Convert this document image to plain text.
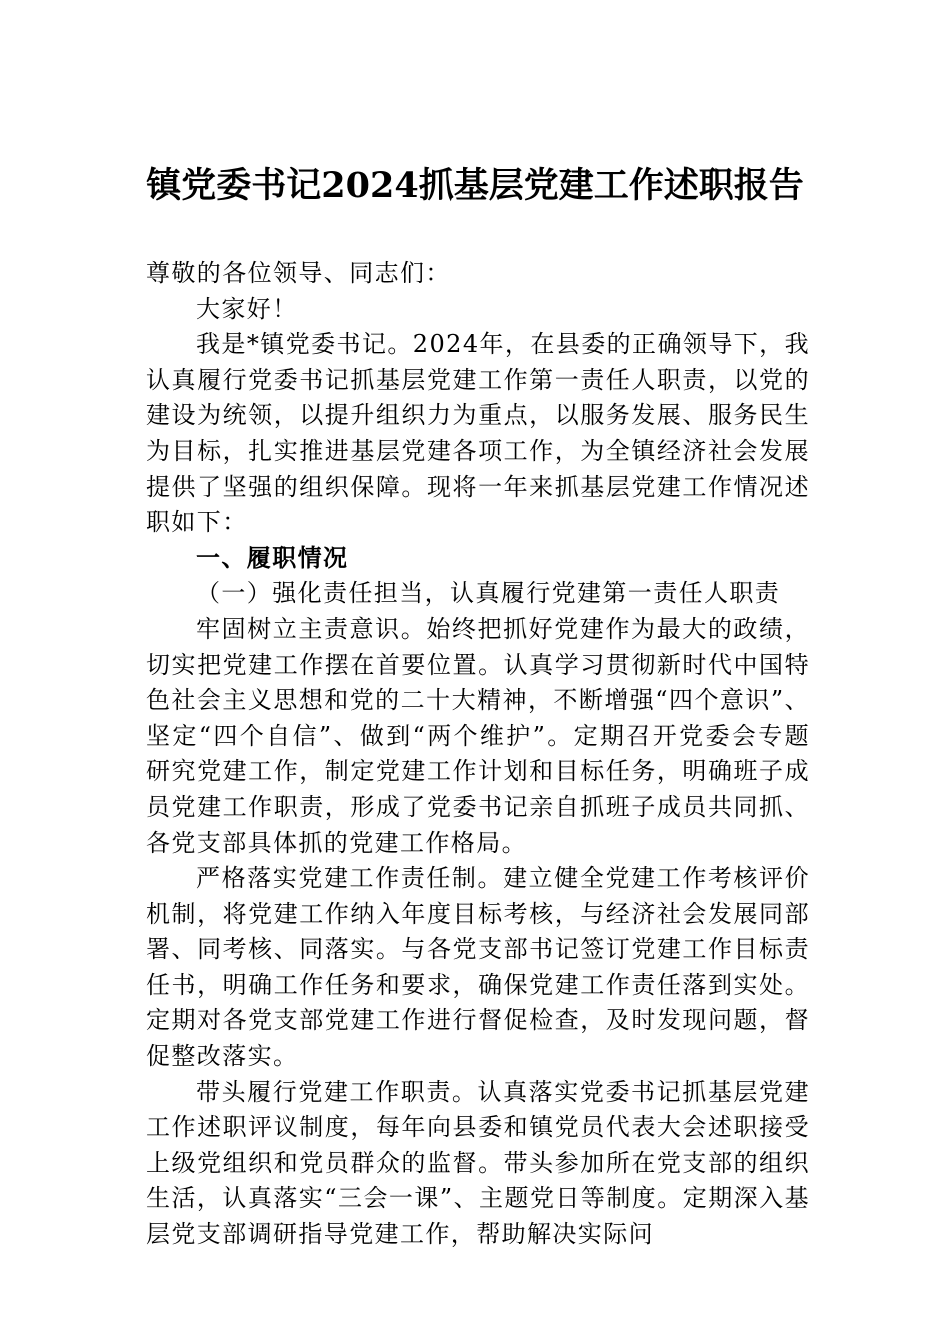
镇党委书记2024抓基层党建工作述职报告

尊敬的各位领导、同志们：

大家好！

我是*镇党委书记。2024年，在县委的正确领导下，我认真履行党委书记抓基层党建工作第一责任人职责，以党的建设为统领，以提升组织力为重点，以服务发展、服务民生为目标，扎实推进基层党建各项工作，为全镇经济社会发展提供了坚强的组织保障。现将一年来抓基层党建工作情况述职如下：

一、履职情况

（一）强化责任担当，认真履行党建第一责任人职责

牢固树立主责意识。始终把抓好党建作为最大的政绩，切实把党建工作摆在首要位置。认真学习贯彻新时代中国特色社会主义思想和党的二十大精神，不断增强“四个意识”、坚定“四个自信”、做到“两个维护”。定期召开党委会专题研究党建工作，制定党建工作计划和目标任务，明确班子成员党建工作职责，形成了党委书记亲自抓班子成员共同抓、各党支部具体抓的党建工作格局。

严格落实党建工作责任制。建立健全党建工作考核评价机制，将党建工作纳入年度目标考核，与经济社会发展同部署、同考核、同落实。与各党支部书记签订党建工作目标责任书，明确工作任务和要求，确保党建工作责任落到实处。定期对各党支部党建工作进行督促检查，及时发现问题，督促整改落实。

带头履行党建工作职责。认真落实党委书记抓基层党建工作述职评议制度，每年向县委和镇党员代表大会述职接受上级党组织和党员群众的监督。带头参加所在党支部的组织生活，认真落实“三会一课”、主题党日等制度。定期深入基层党支部调研指导党建工作，帮助解决实际问
